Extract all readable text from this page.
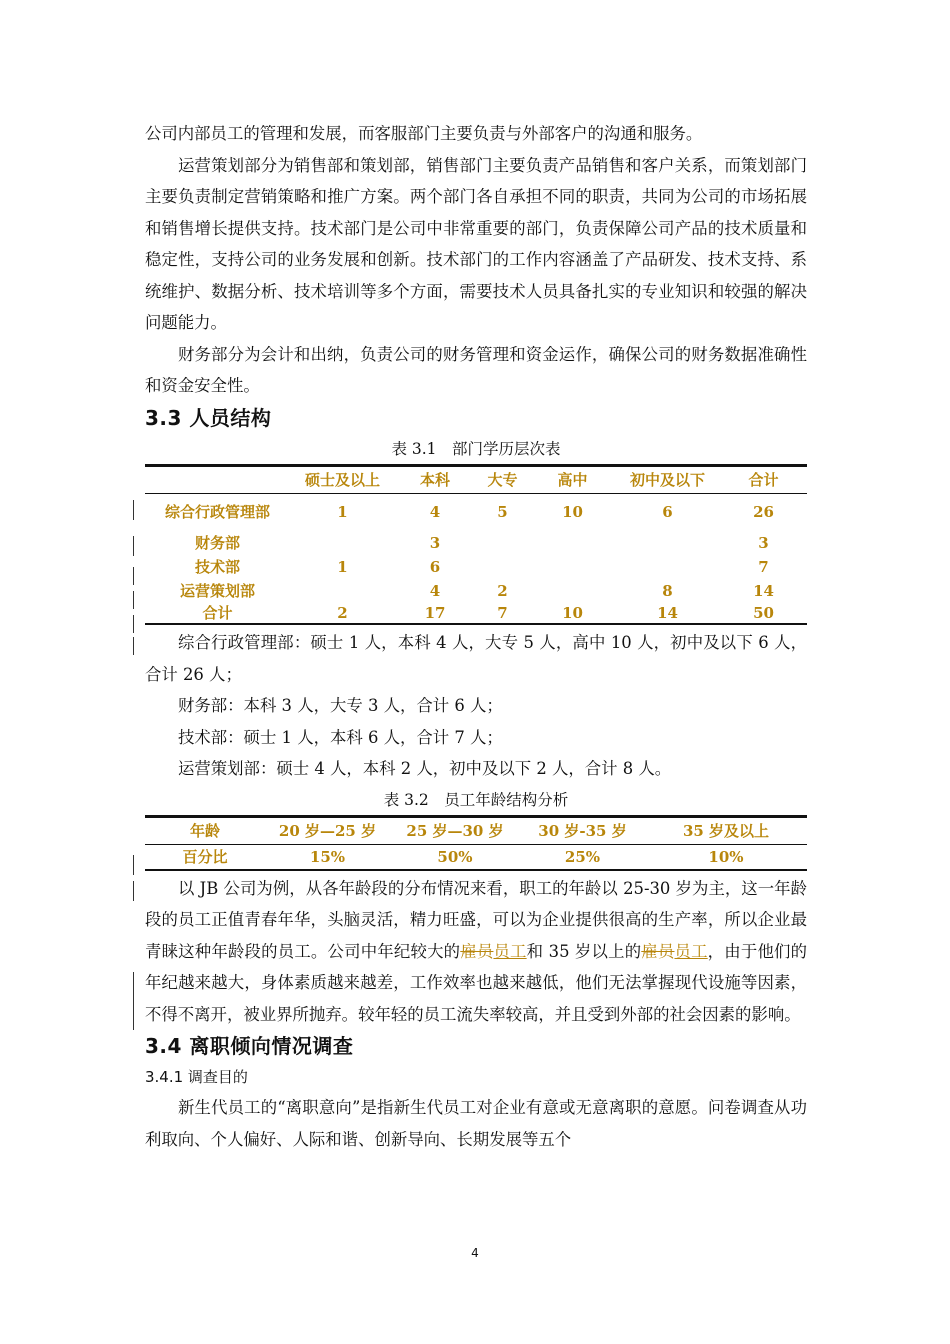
公司内部员工的管理和发展，而客服部门主要负责与外部客户的沟通和服务。

运营策划部分为销售部和策划部，销售部门主要负责产品销售和客户关系，而策划部门主要负责制定营销策略和推广方案。两个部门各自承担不同的职责，共同为公司的市场拓展和销售增长提供支持。技术部门是公司中非常重要的部门，负责保障公司产品的技术质量和稳定性，支持公司的业务发展和创新。技术部门的工作内容涵盖了产品研发、技术支持、系统维护、数据分析、技术培训等多个方面，需要技术人员具备扎实的专业知识和较强的解决问题能力。

财务部分为会计和出纳，负责公司的财务管理和资金运作，确保公司的财务数据准确性和资金安全性。

3.3 人员结构

表 3.1　部门学历层次表

	硕士及以上	本科	大专	高中	初中及以下	合计
综合行政管理部	1	4	5	10	6	26
财务部		3				3
技术部	1	6				7
运营策划部		4	2		8	14
合计	2	17	7	10	14	50

综合行政管理部：硕士 1 人，本科 4 人，大专 5 人，高中 10 人，初中及以下 6 人，合计 26 人；

财务部：本科 3 人，大专 3 人，合计 6 人；

技术部：硕士 1 人，本科 6 人，合计 7 人；

运营策划部：硕士 4 人，本科 2 人，初中及以下 2 人，合计 8 人。

表 3.2　员工年龄结构分析

年龄	20 岁—25 岁	25 岁—30 岁	30 岁-35 岁	35 岁及以上
百分比	15%	50%	25%	10%

以 JB 公司为例，从各年龄段的分布情况来看，职工的年龄以 25-30 岁为主，这一年龄段的员工正值青春年华，头脑灵活，精力旺盛，可以为企业提供很高的生产率，所以企业最青睐这种年龄段的员工。公司中年纪较大的雇员员工和 35 岁以上的雇员员工，由于他们的年纪越来越大，身体素质越来越差，工作效率也越来越低，他们无法掌握现代设施等因素，不得不离开，被业界所抛弃。较年轻的员工流失率较高，并且受到外部的社会因素的影响。

3.4 离职倾向情况调查
3.4.1 调查目的

新生代员工的“离职意向”是指新生代员工对企业有意或无意离职的意愿。问卷调查从功利取向、个人偏好、人际和谐、创新导向、长期发展等五个

4
